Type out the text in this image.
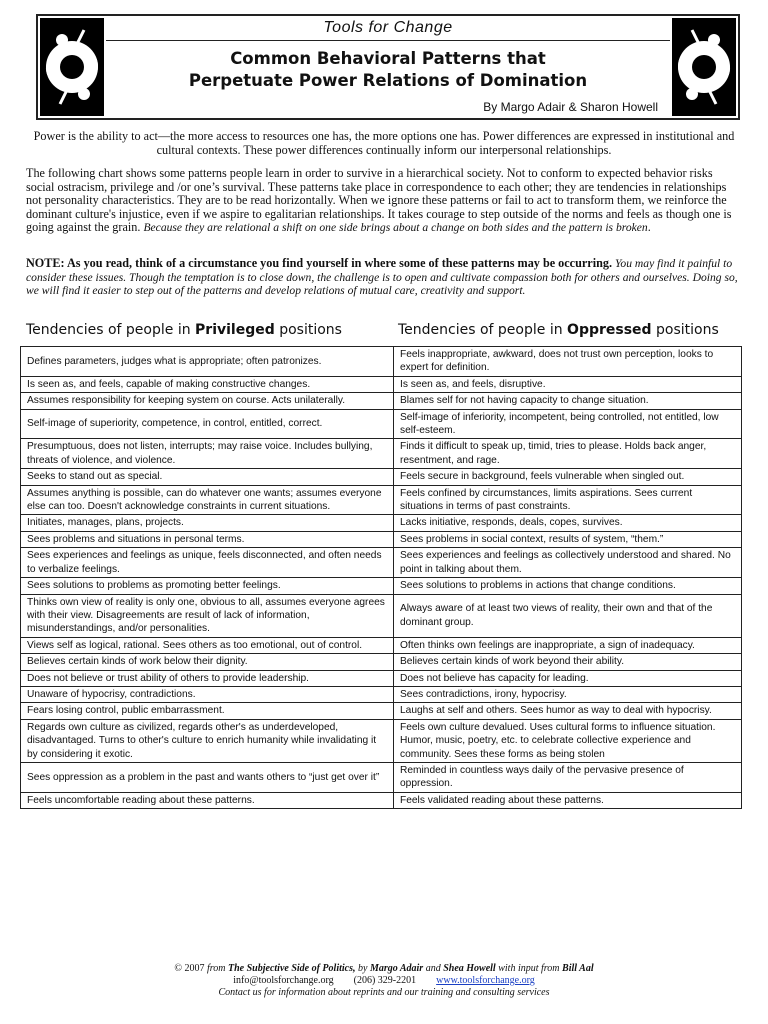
Tools for Change
Common Behavioral Patterns that
Perpetuate Power Relations of Domination
By Margo Adair & Sharon Howell

Power is the ability to act—the more access to resources one has, the more options one has. Power differences are expressed in institutional and cultural contexts. These power differences continually inform our interpersonal relationships.

The following chart shows some patterns people learn in order to survive in a hierarchical society. Not to conform to expected behavior risks social ostracism, privilege and /or one’s survival. These patterns take place in correspondence to each other; they are tendencies in relationships not personality characteristics. They are to be read horizontally. When we ignore these patterns or fail to act to transform them, we reinforce the dominant culture's injustice, even if we aspire to egalitarian relationships. It takes courage to step outside of the norms and feels as though one is going against the grain. Because they are relational a shift on one side brings about a change on both sides and the pattern is broken.

NOTE: As you read, think of a circumstance you find yourself in where some of these patterns may be occurring. You may find it painful to consider these issues. Though the temptation is to close down, the challenge is to open and cultivate compassion both for others and ourselves. Doing so, we will find it easier to step out of the patterns and develop relations of mutual care, creativity and support.

Tendencies of people in Privileged positions	Tendencies of people in Oppressed positions
Defines parameters, judges what is appropriate; often patronizes.	Feels inappropriate, awkward, does not trust own perception, looks to expert for definition.
Is seen as, and feels, capable of making constructive changes.	Is seen as, and feels, disruptive.
Assumes responsibility for keeping system on course. Acts unilaterally.	Blames self for not having capacity to change situation.
Self-image of superiority, competence, in control, entitled, correct.	Self-image of inferiority, incompetent, being controlled, not entitled, low self-esteem.
Presumptuous, does not listen, interrupts; may raise voice. Includes bullying, threats of violence, and violence.	Finds it difficult to speak up, timid, tries to please. Holds back anger, resentment, and rage.
Seeks to stand out as special.	Feels secure in background, feels vulnerable when singled out.
Assumes anything is possible, can do whatever one wants; assumes everyone else can too. Doesn't acknowledge constraints in current situations.	Feels confined by circumstances, limits aspirations. Sees current situations in terms of past constraints.
Initiates, manages, plans, projects.	Lacks initiative, responds, deals, copes, survives.
Sees problems and situations in personal terms.	Sees problems in social context, results of system, “them.”
Sees experiences and feelings as unique, feels disconnected, and often needs to verbalize feelings.	Sees experiences and feelings as collectively understood and shared. No point in talking about them.
Sees solutions to problems as promoting better feelings.	Sees solutions to problems in actions that change conditions.
Thinks own view of reality is only one, obvious to all, assumes everyone agrees with their view. Disagreements are result of lack of information, misunderstandings, and/or personalities.	Always aware of at least two views of reality, their own and that of the dominant group.
Views self as logical, rational. Sees others as too emotional, out of control.	Often thinks own feelings are inappropriate, a sign of inadequacy.
Believes certain kinds of work below their dignity.	Believes certain kinds of work beyond their ability.
Does not believe or trust ability of others to provide leadership.	Does not believe has capacity for leading.
Unaware of hypocrisy, contradictions.	Sees contradictions, irony, hypocrisy.
Fears losing control, public embarrassment.	Laughs at self and others. Sees humor as way to deal with hypocrisy.
Regards own culture as civilized, regards other's as underdeveloped, disadvantaged. Turns to other's culture to enrich humanity while invalidating it by considering it exotic.	Feels own culture devalued. Uses cultural forms to influence situation. Humor, music, poetry, etc. to celebrate collective experience and community. Sees these forms as being stolen
Sees oppression as a problem in the past and wants others to “just get over it”	Reminded in countless ways daily of the pervasive presence of oppression.
Feels uncomfortable reading about these patterns.	Feels validated reading about these patterns.
© 2007 from The Subjective Side of Politics, by Margo Adair and Shea Howell with input from Bill Aal
info@toolsforchange.org (206) 329-2201 www.toolsforchange.org
Contact us for information about reprints and our training and consulting services
